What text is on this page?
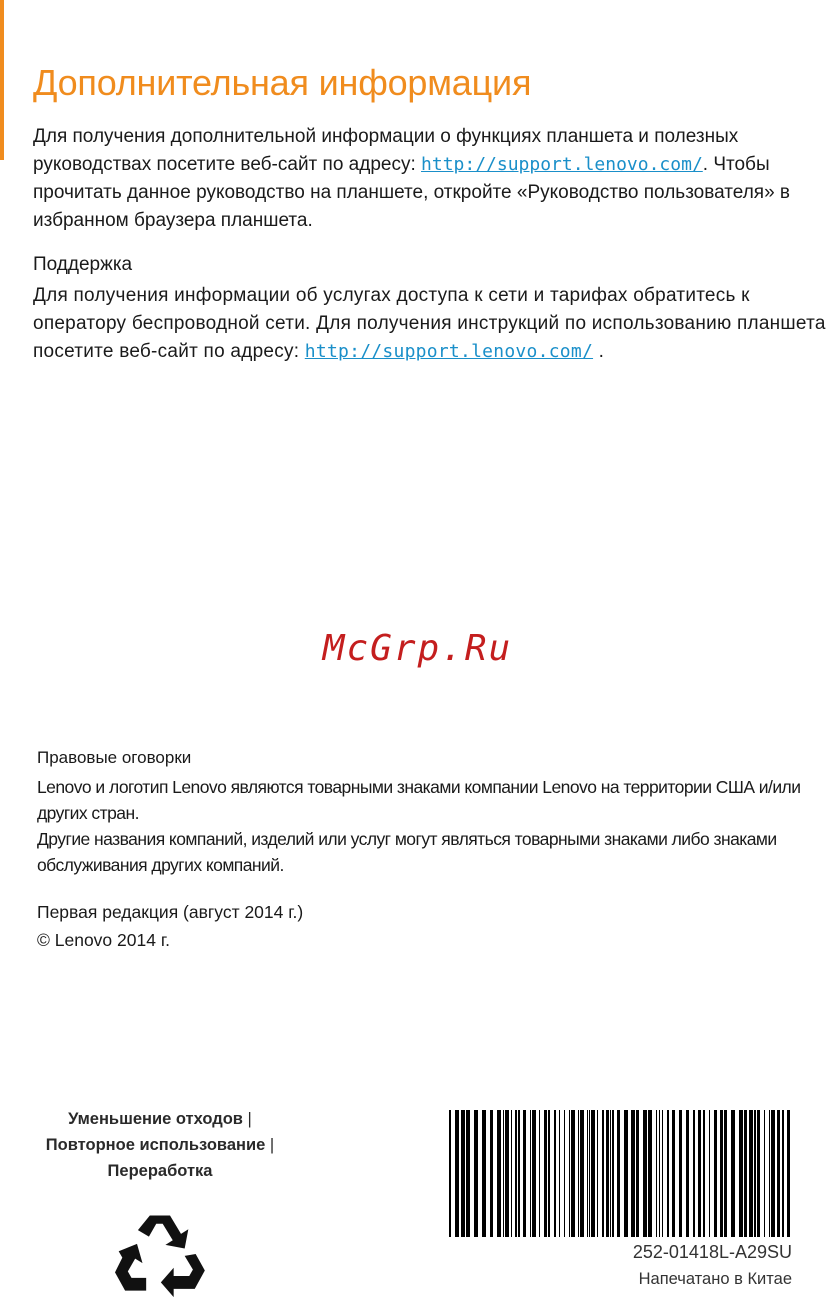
Дополнительная информация
Для получения дополнительной информации о функциях планшета и полезных руководствах посетите веб-сайт по адресу: http://support.lenovo.com/. Чтобы прочитать данное руководство на планшете, откройте «Руководство пользователя» в избранном браузера планшета.
Поддержка
Для получения информации об услугах доступа к сети и тарифах обратитесь к оператору беспроводной сети. Для получения инструкций по использованию планшета посетите веб-сайт по адресу: http://support.lenovo.com/ .
McGrp.Ru
Правовые оговорки
Lenovo и логотип Lenovo являются товарными знаками компании Lenovo на территории США и/или других стран.
Другие названия компаний, изделий или услуг могут являться товарными знаками либо знаками обслуживания других компаний.
Первая редакция (август 2014 г.)
© Lenovo 2014 г.
Уменьшение отходов |
Повторное использование |
Переработка
252-01418L-A29SU
Напечатано в Китае
